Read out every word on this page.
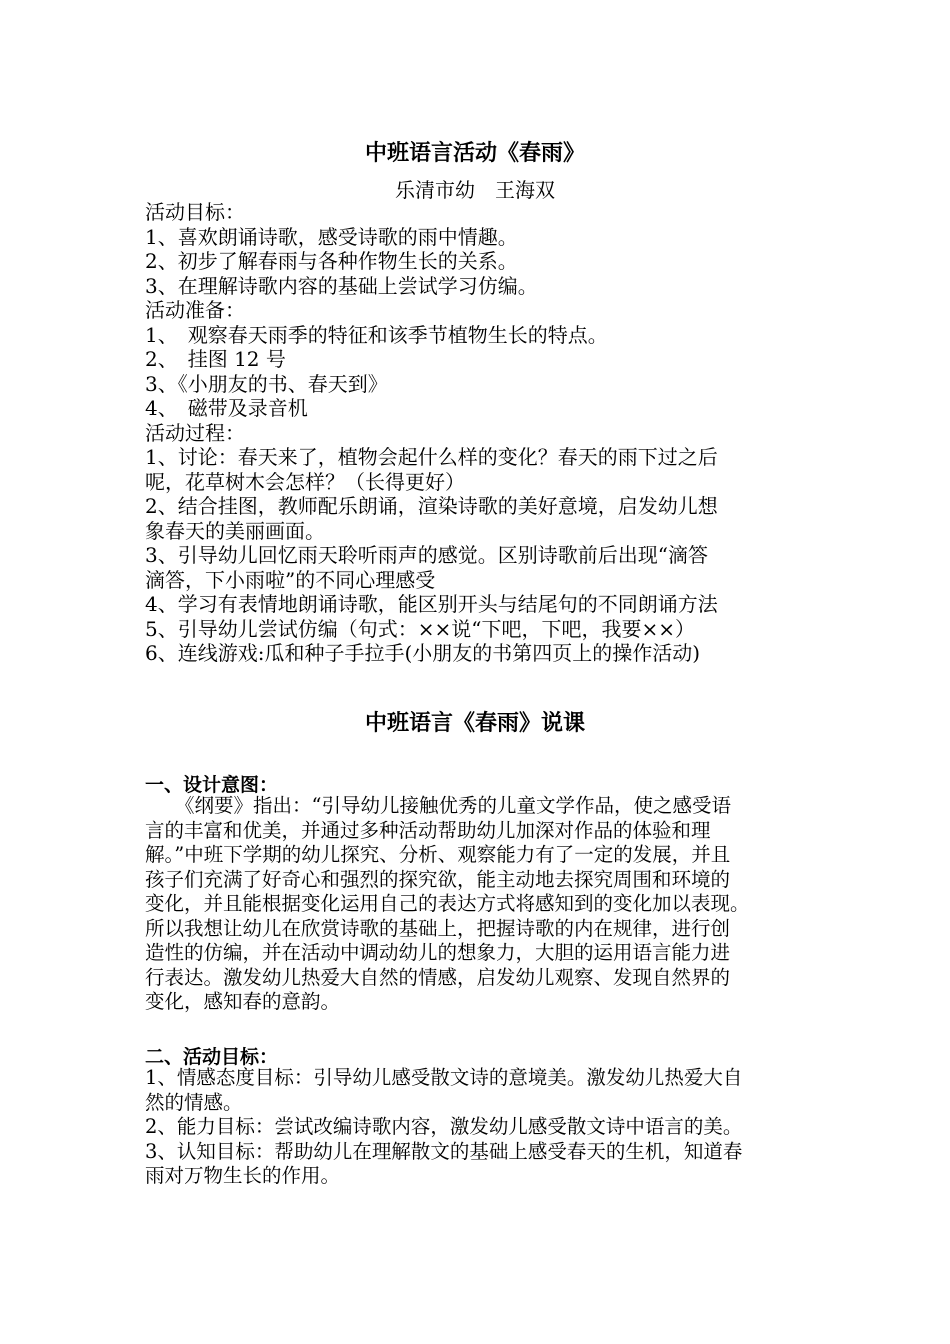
中班语言活动《春雨》
乐清市幼　王海双
活动目标：
1、喜欢朗诵诗歌，感受诗歌的雨中情趣。
2、初步了解春雨与各种作物生长的关系。
3、在理解诗歌内容的基础上尝试学习仿编。
活动准备：
1、　观察春天雨季的特征和该季节植物生长的特点。
2、　挂图 12 号
3、《小朋友的书、春天到》
4、　磁带及录音机
活动过程：
1、讨论：春天来了，植物会起什么样的变化？春天的雨下过之后
呢，花草树木会怎样？（长得更好）
2、结合挂图，教师配乐朗诵，渲染诗歌的美好意境，启发幼儿想
象春天的美丽画面。
3、引导幼儿回忆雨天聆听雨声的感觉。区别诗歌前后出现“滴答
滴答，下小雨啦”的不同心理感受
4、学习有表情地朗诵诗歌，能区别开头与结尾句的不同朗诵方法
5、引导幼儿尝试仿编（句式：××说“下吧，下吧，我要××）
6、连线游戏:瓜和种子手拉手(小朋友的书第四页上的操作活动)
中班语言《春雨》说课
一、设计意图：
《纲要》指出：“引导幼儿接触优秀的儿童文学作品，使之感受语
言的丰富和优美，并通过多种活动帮助幼儿加深对作品的体验和理
解。”中班下学期的幼儿探究、分析、观察能力有了一定的发展，并且
孩子们充满了好奇心和强烈的探究欲，能主动地去探究周围和环境的
变化，并且能根据变化运用自己的表达方式将感知到的变化加以表现。
所以我想让幼儿在欣赏诗歌的基础上，把握诗歌的内在规律，进行创
造性的仿编，并在活动中调动幼儿的想象力，大胆的运用语言能力进
行表达。激发幼儿热爱大自然的情感，启发幼儿观察、发现自然界的
变化，感知春的意韵。
二、活动目标：
1、情感态度目标：引导幼儿感受散文诗的意境美。激发幼儿热爱大自
然的情感。
2、能力目标：尝试改编诗歌内容，激发幼儿感受散文诗中语言的美。
3、认知目标：帮助幼儿在理解散文的基础上感受春天的生机，知道春
雨对万物生长的作用。
